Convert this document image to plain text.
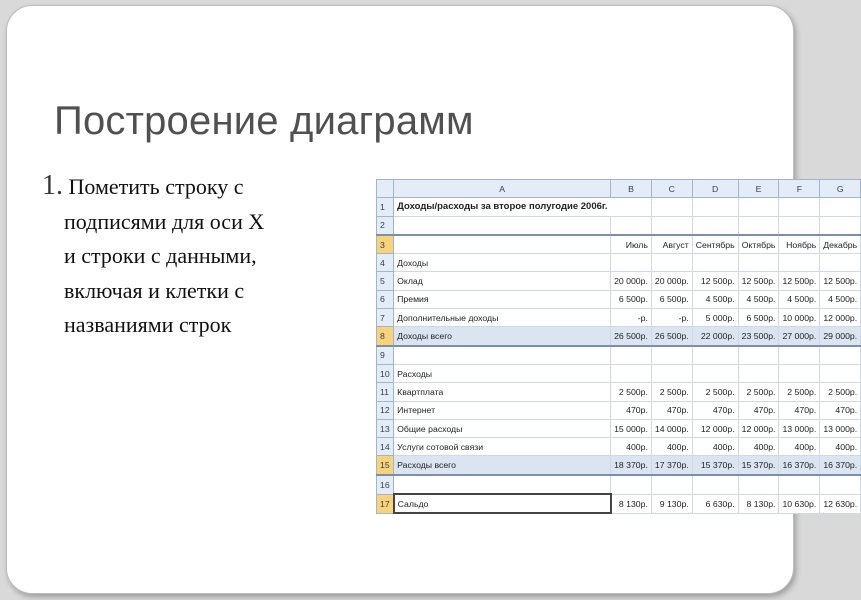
Построение диаграмм
1. Пометить строку с
подписями для оси Х
и строки с данными,
включая и клетки с
названиями строк
	A	B	C	D	E	F	G
1	Доходы/расходы за второе полугодие 2006г.						
2							
3		Июль	Август	Сентябрь	Октябрь	Ноябрь	Декабрь
4	Доходы						
5	Оклад	20 000р.	20 000р.	12 500р.	12 500р.	12 500р.	12 500р.
6	Премия	6 500р.	6 500р.	4 500р.	4 500р.	4 500р.	4 500р.
7	Дополнительные доходы	-р.	-р.	5 000р.	6 500р.	10 000р.	12 000р.
8	Доходы всего	26 500р.	26 500р.	22 000р.	23 500р.	27 000р.	29 000р.
9							
10	Расходы						
11	Квартплата	2 500р.	2 500р.	2 500р.	2 500р.	2 500р.	2 500р.
12	Интернет	470р.	470р.	470р.	470р.	470р.	470р.
13	Общие расходы	15 000р.	14 000р.	12 000р.	12 000р.	13 000р.	13 000р.
14	Услуги сотовой связи	400р.	400р.	400р.	400р.	400р.	400р.
15	Расходы всего	18 370р.	17 370р.	15 370р.	15 370р.	16 370р.	16 370р.
16							
17	Сальдо	8 130р.	9 130р.	6 630р.	8 130р.	10 630р.	12 630р.
